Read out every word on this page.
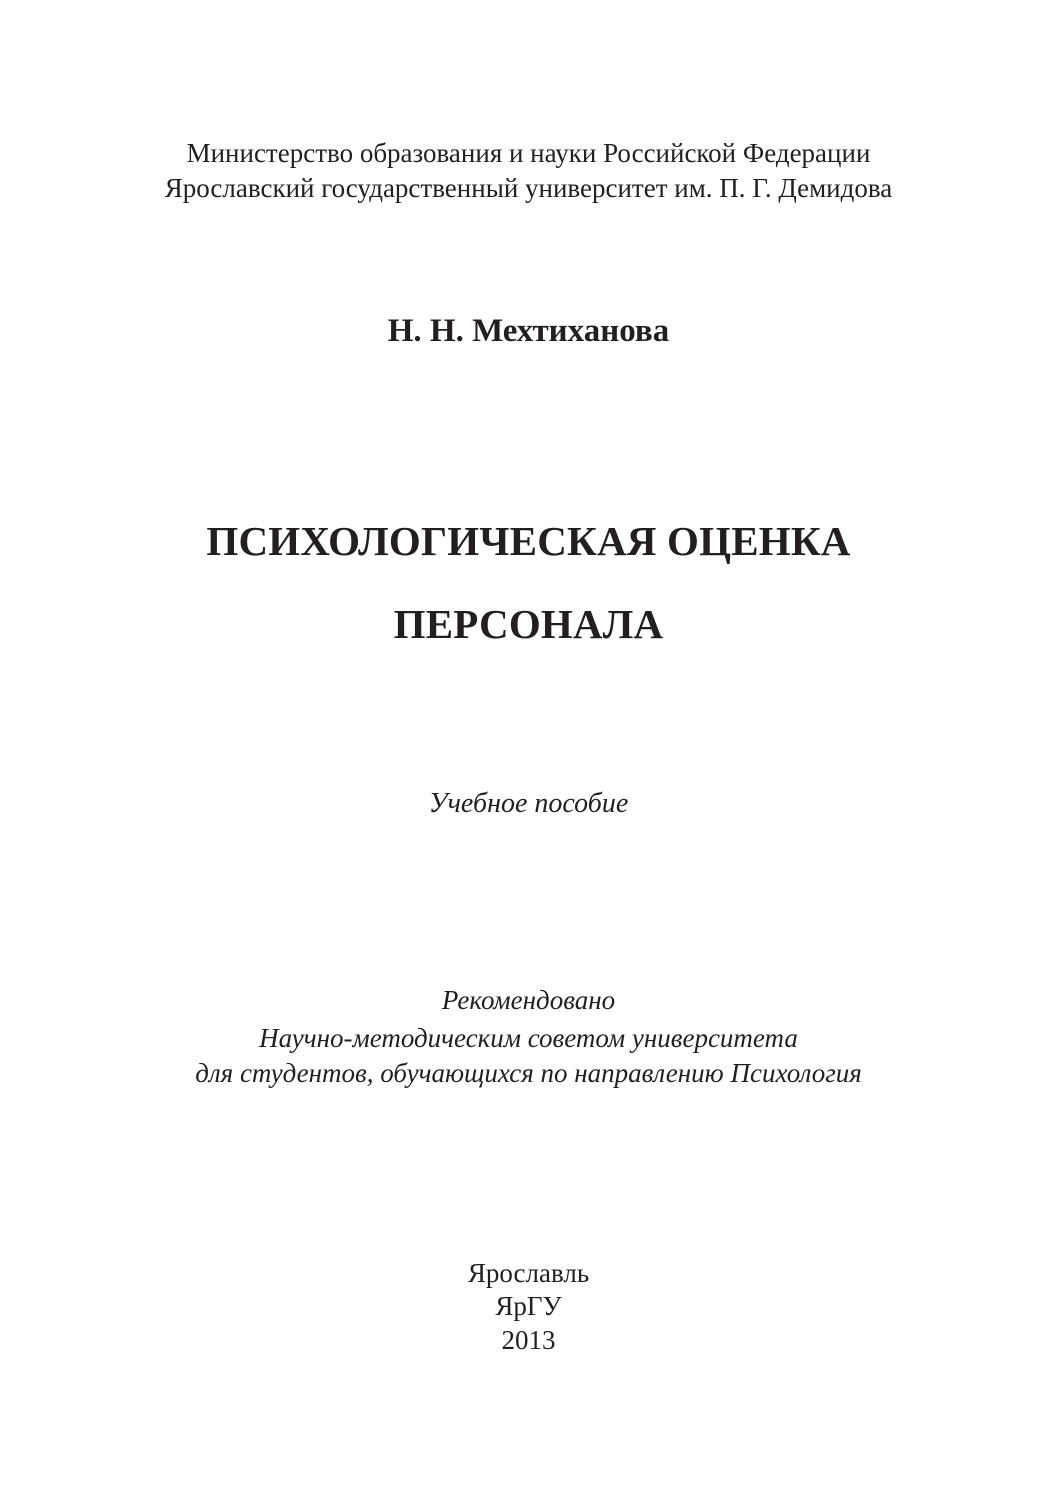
Министерство образования и науки Российской Федерации
Ярославский государственный университет им. П. Г. Демидова
Н. Н. Мехтиханова
ПСИХОЛОГИЧЕСКАЯ ОЦЕНКА
ПЕРСОНАЛА
Учебное пособие
Рекомендовано
Научно-методическим советом университета
для студентов, обучающихся по направлению Психология
Ярославль
ЯрГУ
2013
